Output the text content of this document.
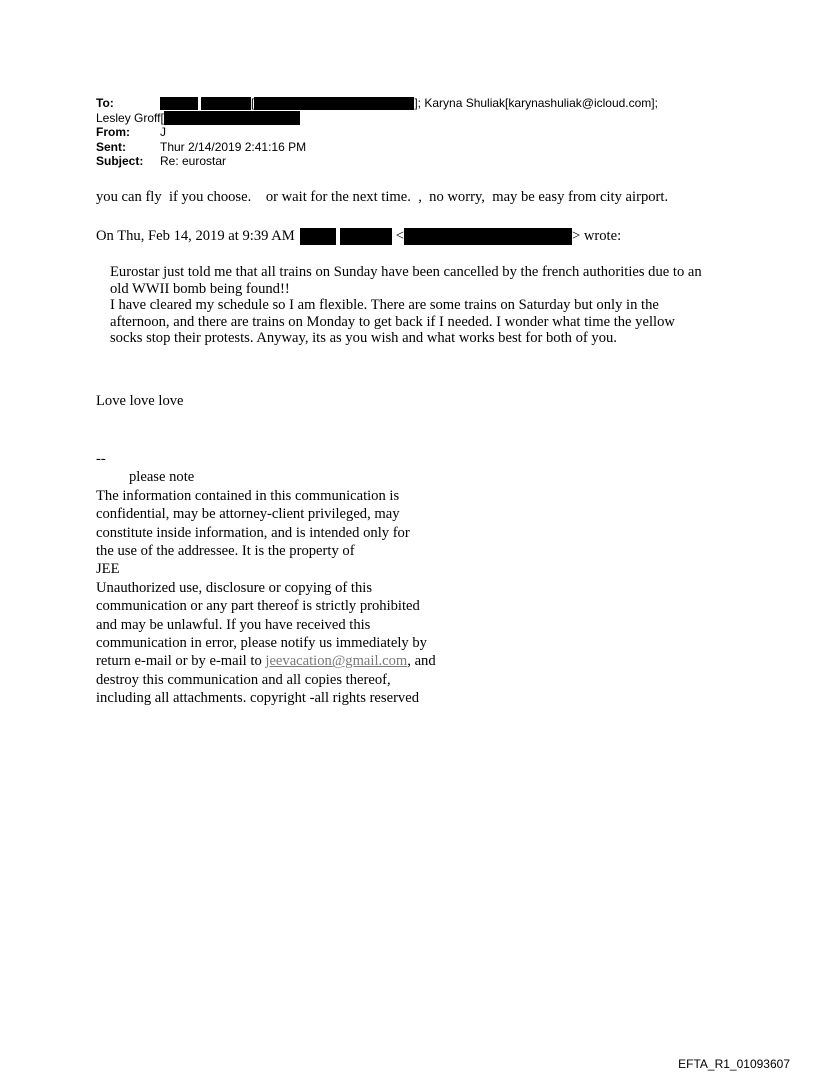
To:	[	]; Karyna Shuliak[karynashuliak@icloud.com];
Lesley Groff[
From:	J
Sent:	Thur 2/14/2019 2:41:16 PM
Subject: Re: eurostar
you can fly  if you choose.    or wait for the next time.  ,  no worry,  may be easy from city airport.
On Thu, Feb 14, 2019 at 9:39 AM	<	> wrote:

Eurostar just told me that all trains on Sunday have been cancelled by the french authorities due to an old WWII bomb being found!!

I have cleared my schedule so I am flexible. There are some trains on Saturday but only in the afternoon, and there are trains on Monday to get back if I needed. I wonder what time the yellow socks stop their protests. Anyway, its as you wish and what works best for both of you.

Love love love
--
please note
The information contained in this communication is
confidential, may be attorney-client privileged, may
constitute inside information, and is intended only for
the use of the addressee. It is the property of
JEE
Unauthorized use, disclosure or copying of this
communication or any part thereof is strictly prohibited
and may be unlawful. If you have received this
communication in error, please notify us immediately by
return e-mail or by e-mail to jeevacation@gmail.com, and
destroy this communication and all copies thereof,
including all attachments. copyright -all rights reserved
EFTA_R1_01093607
